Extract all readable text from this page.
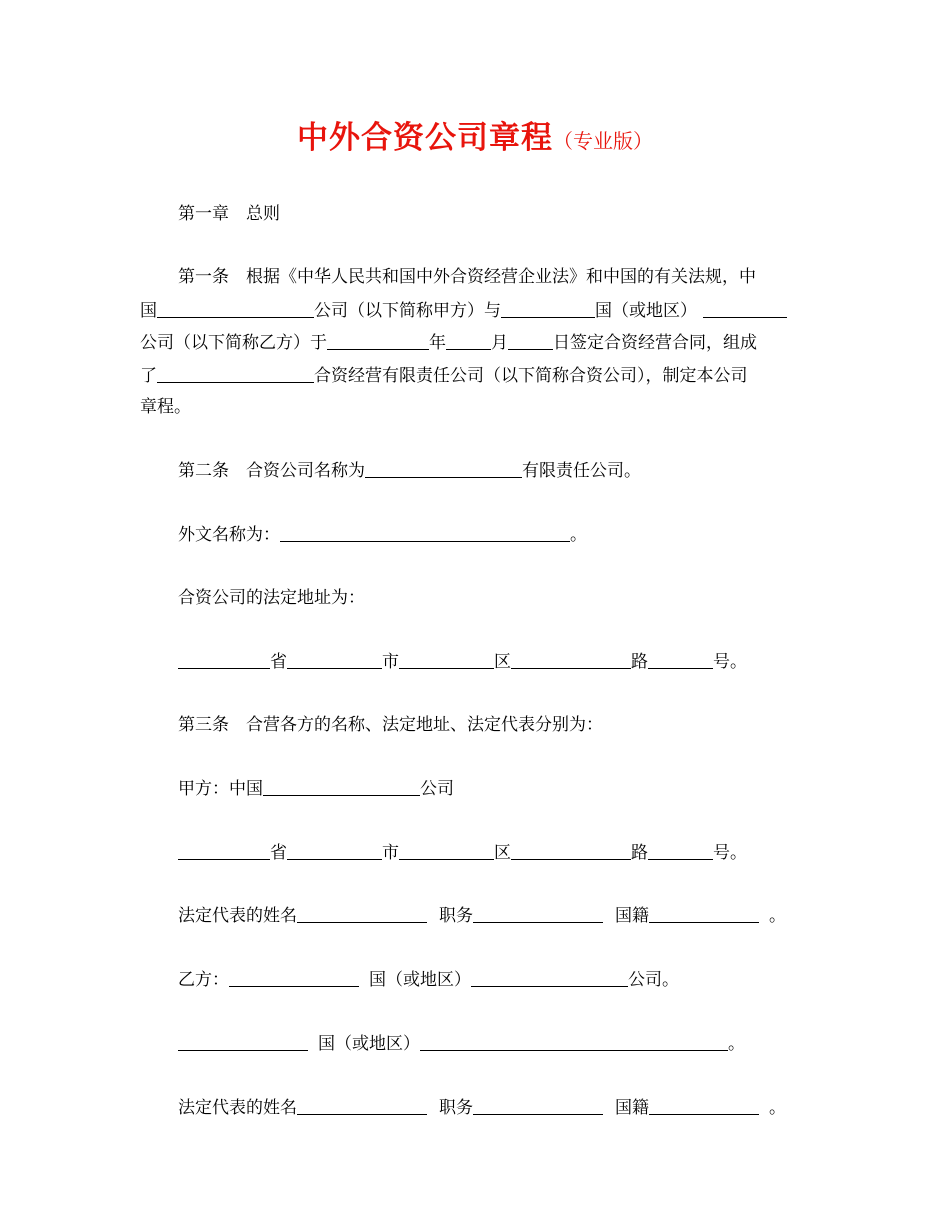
中外合资公司章程（专业版）
第一章　总则
第一条　根据《中华人民共和国中外合资经营企业法》和中国的有关法规，中
国	公司（以下简称甲方）与	国（或地区）
公司（以下简称乙方）于	年	月	日签定合资经营合同，组成
了	合资经营有限责任公司（以下简称合资公司），制定本公司
章程。
第二条　合资公司名称为	有限责任公司。
外文名称为：	。
合资公司的法定地址为：
省	市	区	路	号。
第三条　合营各方的名称、法定地址、法定代表分别为：
甲方：中国	公司
省	市	区	路	号。
法定代表的姓名	职务	国籍	。
乙方：	国（或地区）	公司。
国（或地区）	。
法定代表的姓名	职务	国籍	。
